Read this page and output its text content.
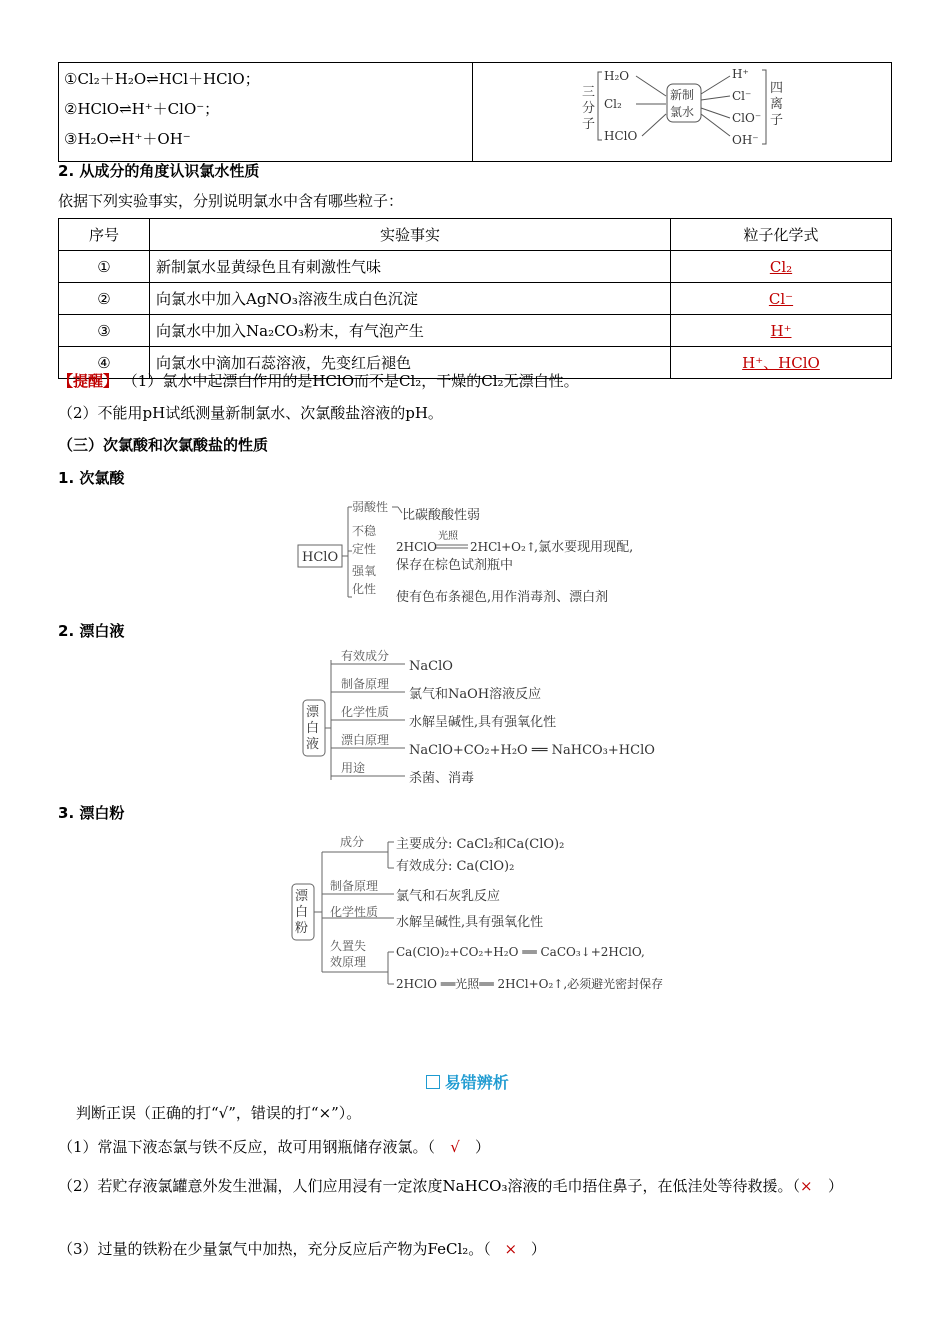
①Cl₂＋H₂O⇌HCl＋HClO；
②HClO⇌H⁺＋ClO⁻；
③H₂O⇌H⁺＋OH⁻

三
分
子
H₂O
Cl₂
HClO
新制
氯水
H⁺
Cl⁻
ClO⁻
OH⁻
四
离
子
2. 从成分的角度认识氯水性质
依据下列实验事实，分别说明氯水中含有哪些粒子：
序号	实验事实	粒子化学式
①	新制氯水显黄绿色且有刺激性气味	Cl₂
②	向氯水中加入AgNO₃溶液生成白色沉淀	Cl⁻
③	向氯水中加入Na₂CO₃粉末，有气泡产生	H⁺
④	向氯水中滴加石蕊溶液，先变红后褪色	H⁺、HClO
【提醒】 （1）氯水中起漂白作用的是HClO而不是Cl₂，干燥的Cl₂无漂白性。
（2）不能用pH试纸测量新制氯水、次氯酸盐溶液的pH。
（三）次氯酸和次氯酸盐的性质
1. 次氯酸
HClO
弱酸性
比碳酸酸性弱
不稳
定性 2HClO
光照
2HCl+O₂↑
,氯水要现用现配,
保存在棕色试剂瓶中
强氧
化性
使有色布条褪色,用作消毒剂、漂白剂
2. 漂白液
漂
白
液
有效成分
NaClO
制备原理
氯气和NaOH溶液反应
化学性质
水解呈碱性,具有强氧化性
漂白原理
NaClO+CO₂+H₂O ══ NaHCO₃+HClO
用途
杀菌、消毒
3. 漂白粉
漂
白
粉
成分 主要成分: CaCl₂和Ca(ClO)₂
有效成分: Ca(ClO)₂
制备原理
氯气和石灰乳反应
化学性质
水解呈碱性,具有强氧化性
久置失
效原理
Ca(ClO)₂+CO₂+H₂O ══ CaCO₃↓+2HClO,
2HClO ══光照══ 2HCl+O₂↑,必须避光密封保存
易错辨析
判断正误（正确的打“√”，错误的打“×”）。
（1）常温下液态氯与铁不反应，故可用钢瓶储存液氯。（ √ ）
（2）若贮存液氯罐意外发生泄漏，人们应用浸有一定浓度NaHCO₃溶液的毛巾捂住鼻子，在低洼处等待救援。（× ）
（3）过量的铁粉在少量氯气中加热，充分反应后产物为FeCl₂。（ × ）
